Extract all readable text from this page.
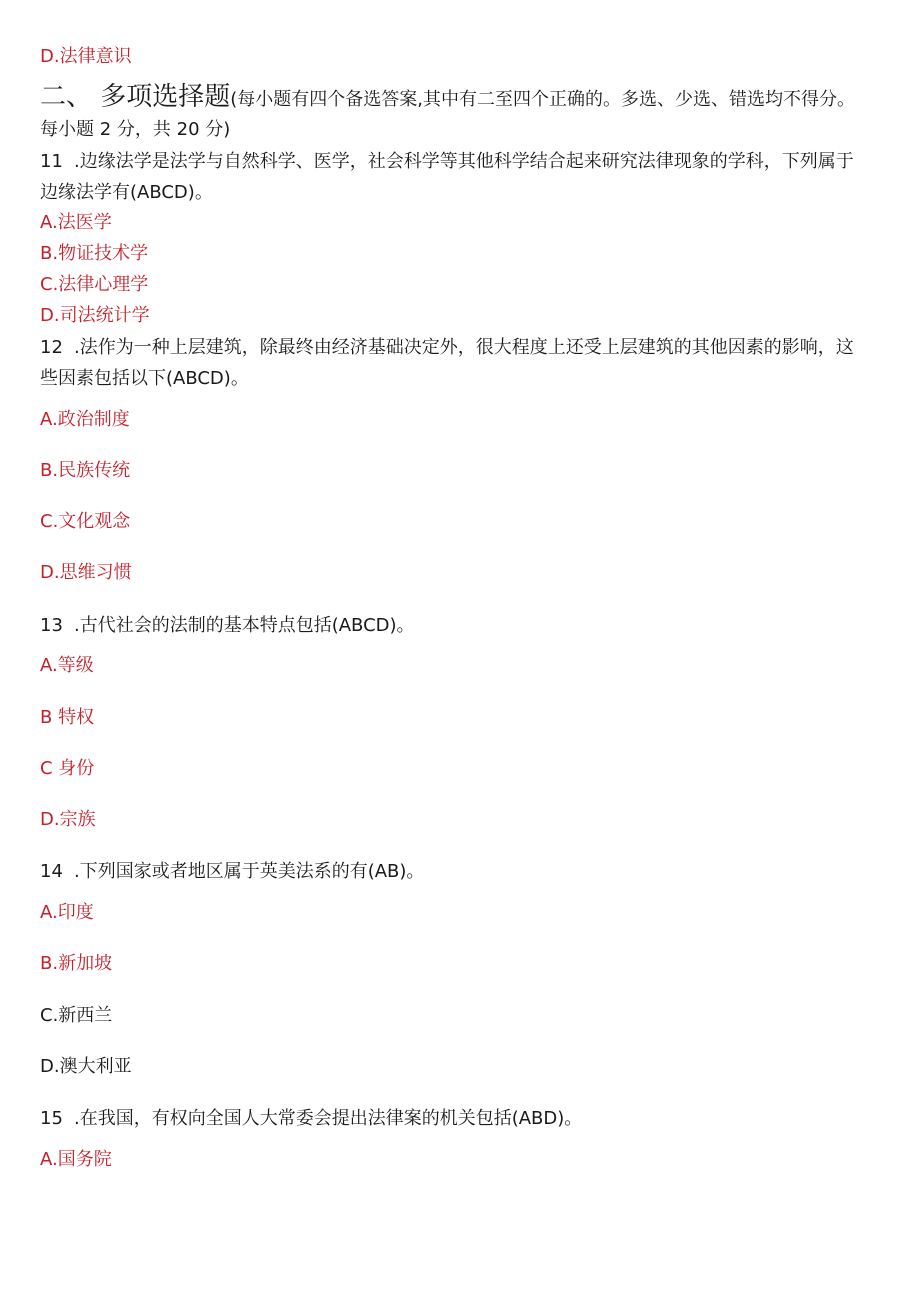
D.法律意识
二、 多项选择题(每小题有四个备选答案,其中有二至四个正确的。多选、少选、错选均不得分。
每小题 2 分，共 20 分)
11 .边缘法学是法学与自然科学、医学，社会科学等其他科学结合起来研究法律现象的学科，下列属于
边缘法学有(ABCD)。
A.法医学
B.物证技术学
C.法律心理学
D.司法统计学
12 .法作为一种上层建筑，除最终由经济基础决定外，很大程度上还受上层建筑的其他因素的影响，这
些因素包括以下(ABCD)。
A.政治制度
B.民族传统
C.文化观念
D.思维习惯
13 .古代社会的法制的基本特点包括(ABCD)。
A.等级
B 特权
C 身份
D.宗族
14 .下列国家或者地区属于英美法系的有(AB)。
A.印度
B.新加坡
C.新西兰
D.澳大利亚
15 .在我国，有权向全国人大常委会提出法律案的机关包括(ABD)。
A.国务院
